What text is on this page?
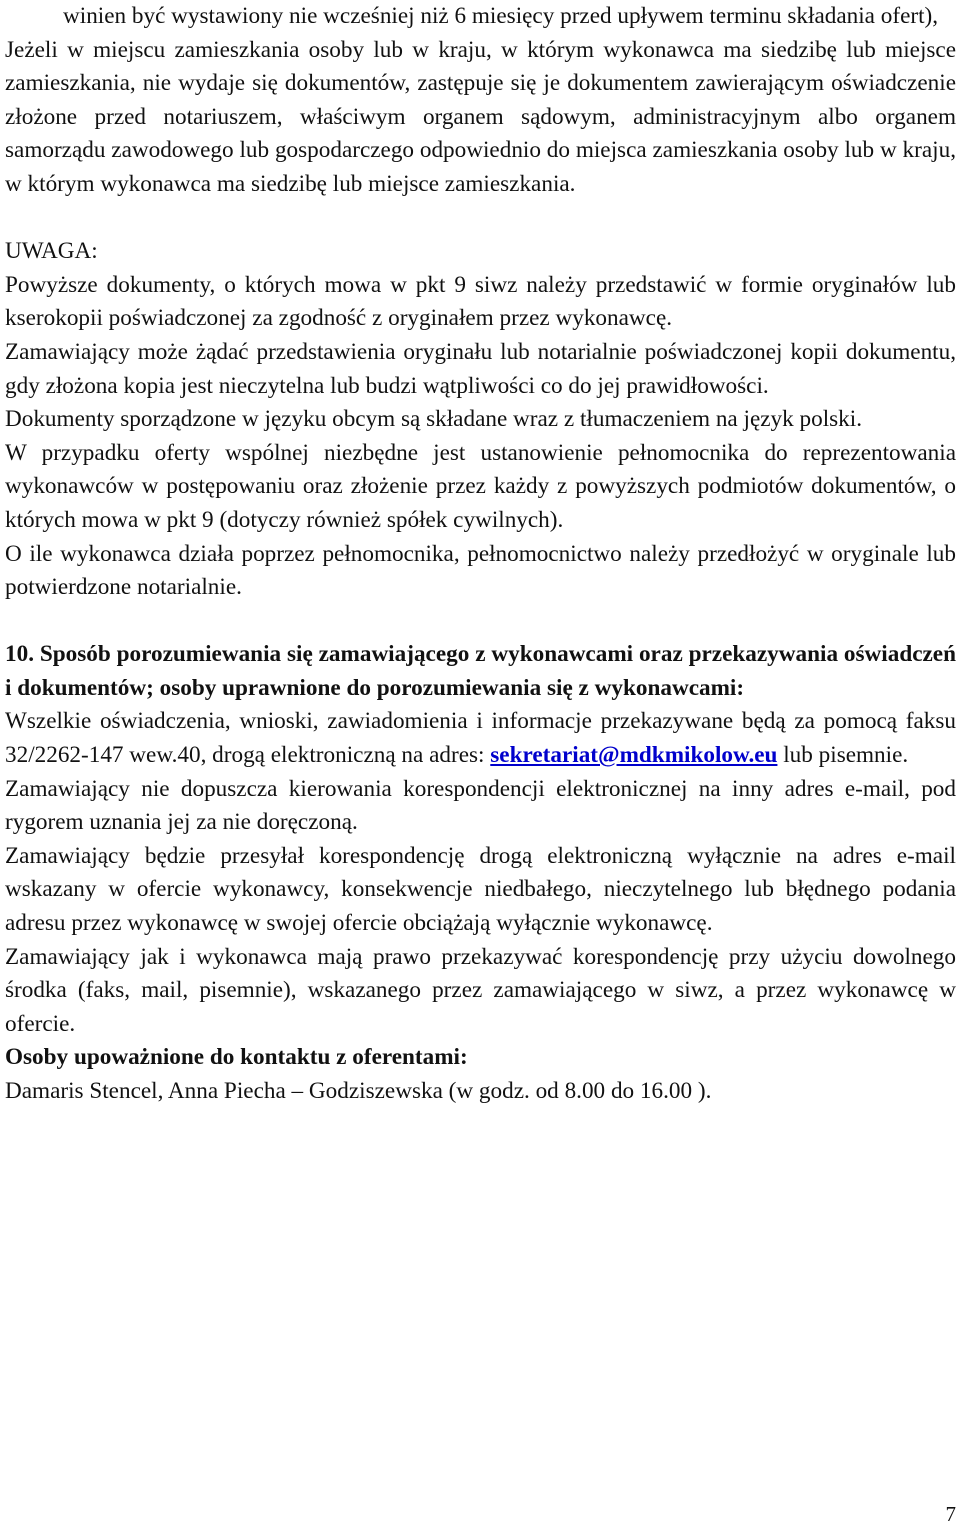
winien być wystawiony nie wcześniej niż 6 miesięcy przed upływem terminu składania ofert),

Jeżeli w miejscu zamieszkania osoby lub w kraju, w którym wykonawca ma siedzibę lub miejsce zamieszkania, nie wydaje się dokumentów, zastępuje się je dokumentem zawierającym oświadczenie złożone przed notariuszem, właściwym organem sądowym, administracyjnym albo organem samorządu zawodowego lub gospodarczego odpowiednio do miejsca zamieszkania osoby lub w kraju, w którym wykonawca ma siedzibę lub miejsce zamieszkania.

UWAGA:

Powyższe dokumenty, o których mowa w pkt 9 siwz należy przedstawić w formie oryginałów lub kserokopii poświadczonej za zgodność z oryginałem przez wykonawcę.

Zamawiający może żądać przedstawienia oryginału lub notarialnie poświadczonej kopii dokumentu, gdy złożona kopia jest nieczytelna lub budzi wątpliwości co do jej prawidłowości.

Dokumenty sporządzone w języku obcym są składane wraz z tłumaczeniem na język polski.

W przypadku oferty wspólnej niezbędne jest ustanowienie pełnomocnika do reprezentowania wykonawców w postępowaniu oraz złożenie przez każdy z powyższych podmiotów dokumentów, o których mowa w pkt 9 (dotyczy również spółek cywilnych).

O ile wykonawca działa poprzez pełnomocnika, pełnomocnictwo należy przedłożyć w oryginale lub potwierdzone notarialnie.

10. Sposób porozumiewania się zamawiającego z wykonawcami oraz przekazywania oświadczeń i dokumentów; osoby uprawnione do porozumiewania się z wykonawcami:

Wszelkie oświadczenia, wnioski, zawiadomienia i informacje przekazywane będą za pomocą faksu 32/2262-147 wew.40, drogą elektroniczną na adres: sekretariat@mdkmikolow.eu lub pisemnie.

Zamawiający nie dopuszcza kierowania korespondencji elektronicznej na inny adres e-mail, pod rygorem uznania jej za nie doręczoną.

Zamawiający będzie przesyłał korespondencję drogą elektroniczną wyłącznie na adres e-mail wskazany w ofercie wykonawcy, konsekwencje niedbałego, nieczytelnego lub błędnego podania adresu przez wykonawcę w swojej ofercie obciążają wyłącznie wykonawcę.

Zamawiający jak i wykonawca mają prawo przekazywać korespondencję przy użyciu dowolnego środka (faks, mail, pisemnie), wskazanego przez zamawiającego w siwz, a przez wykonawcę w ofercie.

Osoby upoważnione do kontaktu z oferentami:

Damaris Stencel, Anna Piecha – Godziszewska (w godz. od 8.00 do 16.00 ).

7
